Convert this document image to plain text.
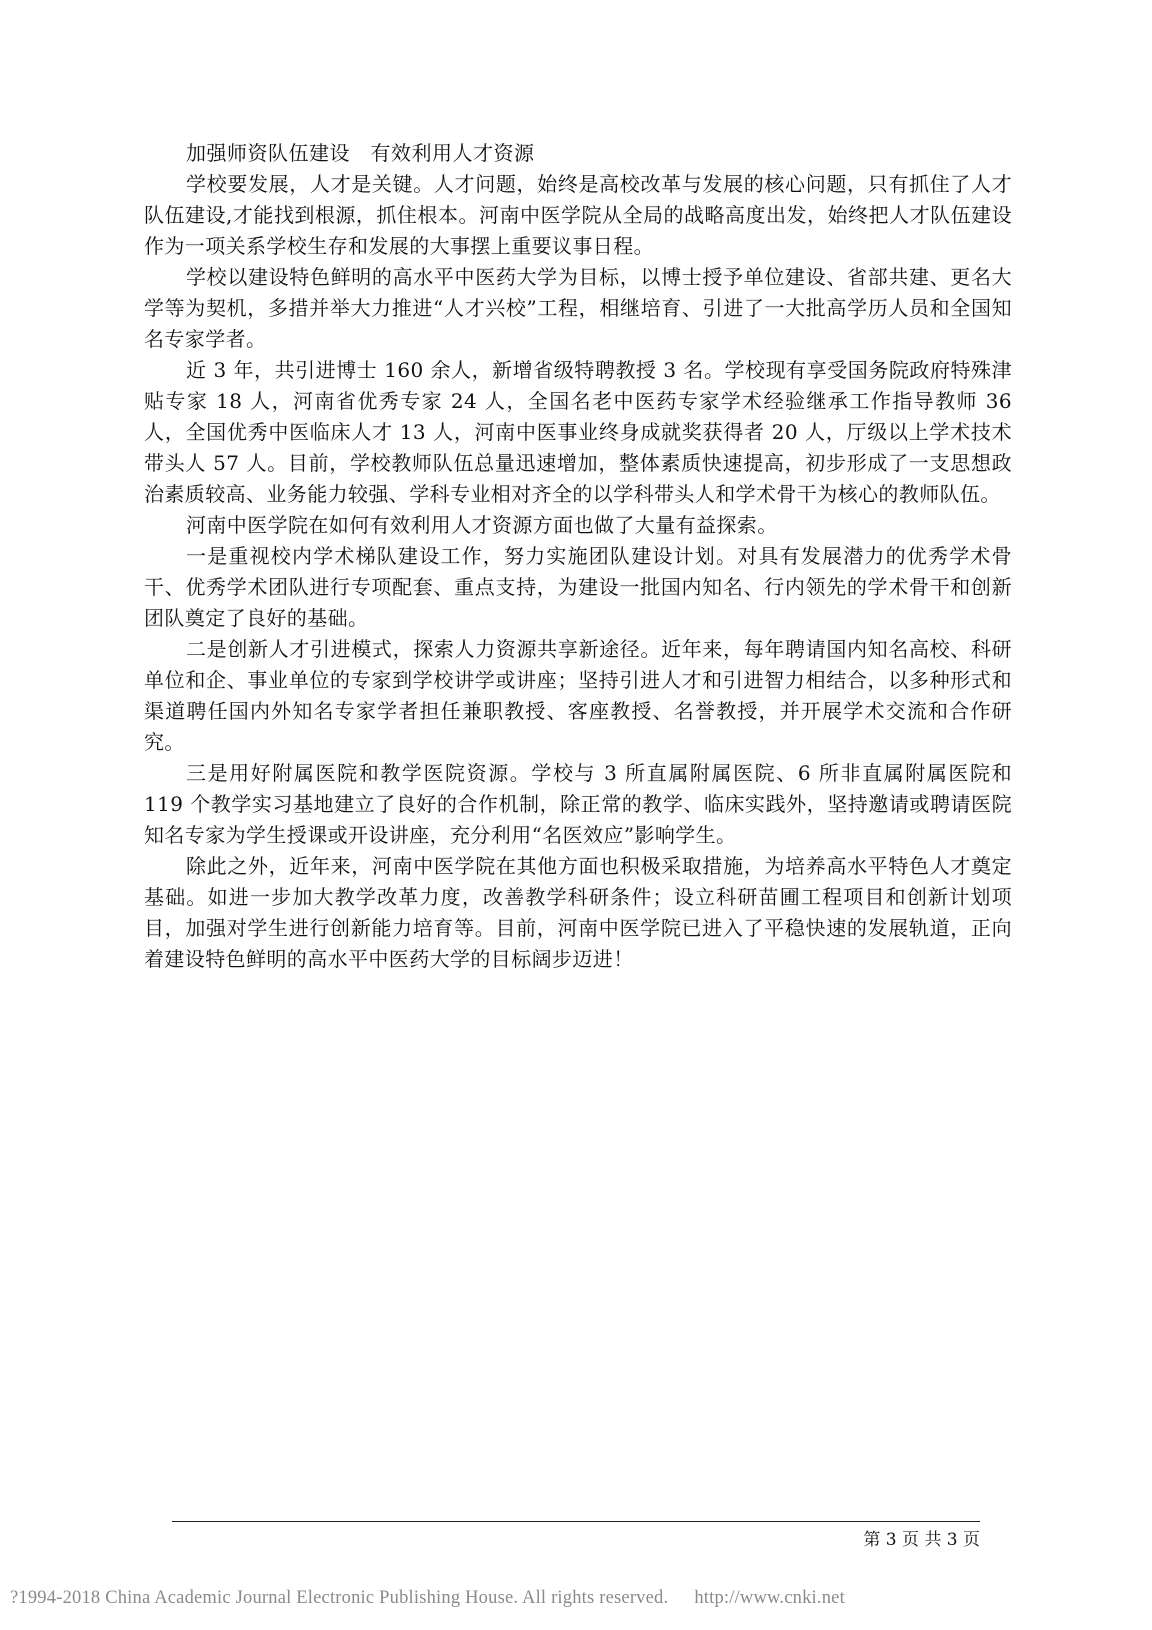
加强师资队伍建设　有效利用人才资源

学校要发展，人才是关键。人才问题，始终是高校改革与发展的核心问题，只有抓住了人才队伍建设,才能找到根源，抓住根本。河南中医学院从全局的战略高度出发，始终把人才队伍建设作为一项关系学校生存和发展的大事摆上重要议事日程。

学校以建设特色鲜明的高水平中医药大学为目标，以博士授予单位建设、省部共建、更名大学等为契机，多措并举大力推进“人才兴校”工程，相继培育、引进了一大批高学历人员和全国知名专家学者。

近 3 年，共引进博士 160 余人，新增省级特聘教授 3 名。学校现有享受国务院政府特殊津贴专家 18 人，河南省优秀专家 24 人，全国名老中医药专家学术经验继承工作指导教师 36 人，全国优秀中医临床人才 13 人，河南中医事业终身成就奖获得者 20 人，厅级以上学术技术带头人 57 人。目前，学校教师队伍总量迅速增加，整体素质快速提高，初步形成了一支思想政治素质较高、业务能力较强、学科专业相对齐全的以学科带头人和学术骨干为核心的教师队伍。

河南中医学院在如何有效利用人才资源方面也做了大量有益探索。

一是重视校内学术梯队建设工作，努力实施团队建设计划。对具有发展潜力的优秀学术骨干、优秀学术团队进行专项配套、重点支持，为建设一批国内知名、行内领先的学术骨干和创新团队奠定了良好的基础。

二是创新人才引进模式，探索人力资源共享新途径。近年来，每年聘请国内知名高校、科研单位和企、事业单位的专家到学校讲学或讲座；坚持引进人才和引进智力相结合，以多种形式和渠道聘任国内外知名专家学者担任兼职教授、客座教授、名誉教授，并开展学术交流和合作研究。

三是用好附属医院和教学医院资源。学校与 3 所直属附属医院、6 所非直属附属医院和 119 个教学实习基地建立了良好的合作机制，除正常的教学、临床实践外，坚持邀请或聘请医院知名专家为学生授课或开设讲座，充分利用“名医效应”影响学生。

除此之外，近年来，河南中医学院在其他方面也积极采取措施，为培养高水平特色人才奠定基础。如进一步加大教学改革力度，改善教学科研条件；设立科研苗圃工程项目和创新计划项目，加强对学生进行创新能力培育等。目前，河南中医学院已进入了平稳快速的发展轨道，正向着建设特色鲜明的高水平中医药大学的目标阔步迈进！

第 3 页 共 3 页
?1994-2018 China Academic Journal Electronic Publishing House. All rights reserved. http://www.cnki.net
